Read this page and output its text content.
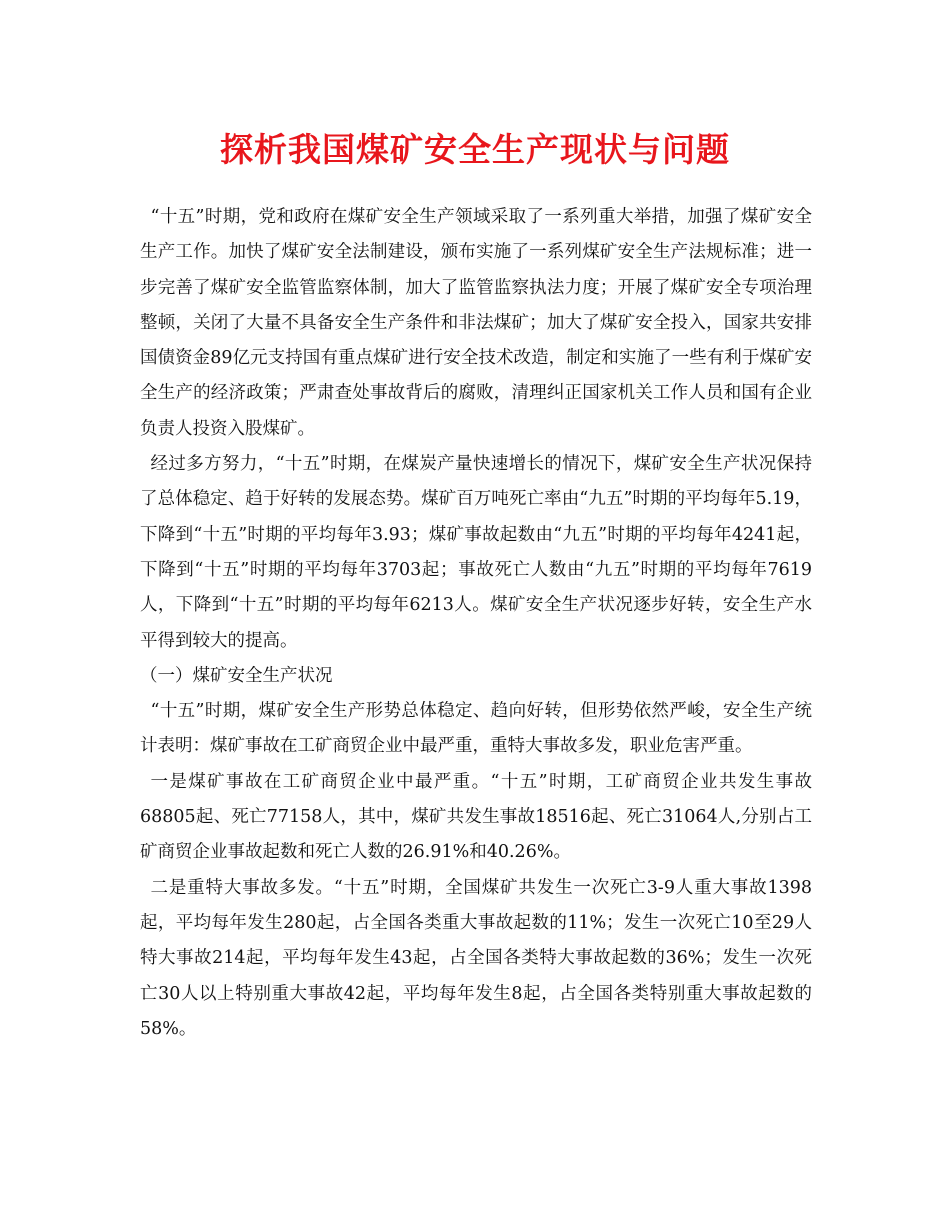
探析我国煤矿安全生产现状与问题

“十五”时期，党和政府在煤矿安全生产领域采取了一系列重大举措，加强了煤矿安全生产工作。加快了煤矿安全法制建设，颁布实施了一系列煤矿安全生产法规标准；进一步完善了煤矿安全监管监察体制，加大了监管监察执法力度；开展了煤矿安全专项治理整顿，关闭了大量不具备安全生产条件和非法煤矿；加大了煤矿安全投入，国家共安排国债资金89亿元支持国有重点煤矿进行安全技术改造，制定和实施了一些有利于煤矿安全生产的经济政策；严肃查处事故背后的腐败，清理纠正国家机关工作人员和国有企业负责人投资入股煤矿。

经过多方努力，“十五”时期，在煤炭产量快速增长的情况下，煤矿安全生产状况保持了总体稳定、趋于好转的发展态势。煤矿百万吨死亡率由“九五”时期的平均每年5.19，下降到“十五”时期的平均每年3.93；煤矿事故起数由“九五”时期的平均每年4241起，下降到“十五”时期的平均每年3703起；事故死亡人数由“九五”时期的平均每年7619人，下降到“十五”时期的平均每年6213人。煤矿安全生产状况逐步好转，安全生产水平得到较大的提高。

（一）煤矿安全生产状况

“十五”时期，煤矿安全生产形势总体稳定、趋向好转，但形势依然严峻，安全生产统计表明：煤矿事故在工矿商贸企业中最严重，重特大事故多发，职业危害严重。

一是煤矿事故在工矿商贸企业中最严重。“十五”时期，工矿商贸企业共发生事故68805起、死亡77158人，其中，煤矿共发生事故18516起、死亡31064人,分别占工矿商贸企业事故起数和死亡人数的26.91%和40.26%。

二是重特大事故多发。“十五”时期，全国煤矿共发生一次死亡3-9人重大事故1398起，平均每年发生280起，占全国各类重大事故起数的11%；发生一次死亡10至29人特大事故214起，平均每年发生43起，占全国各类特大事故起数的36%；发生一次死亡30人以上特别重大事故42起，平均每年发生8起，占全国各类特别重大事故起数的58%。
